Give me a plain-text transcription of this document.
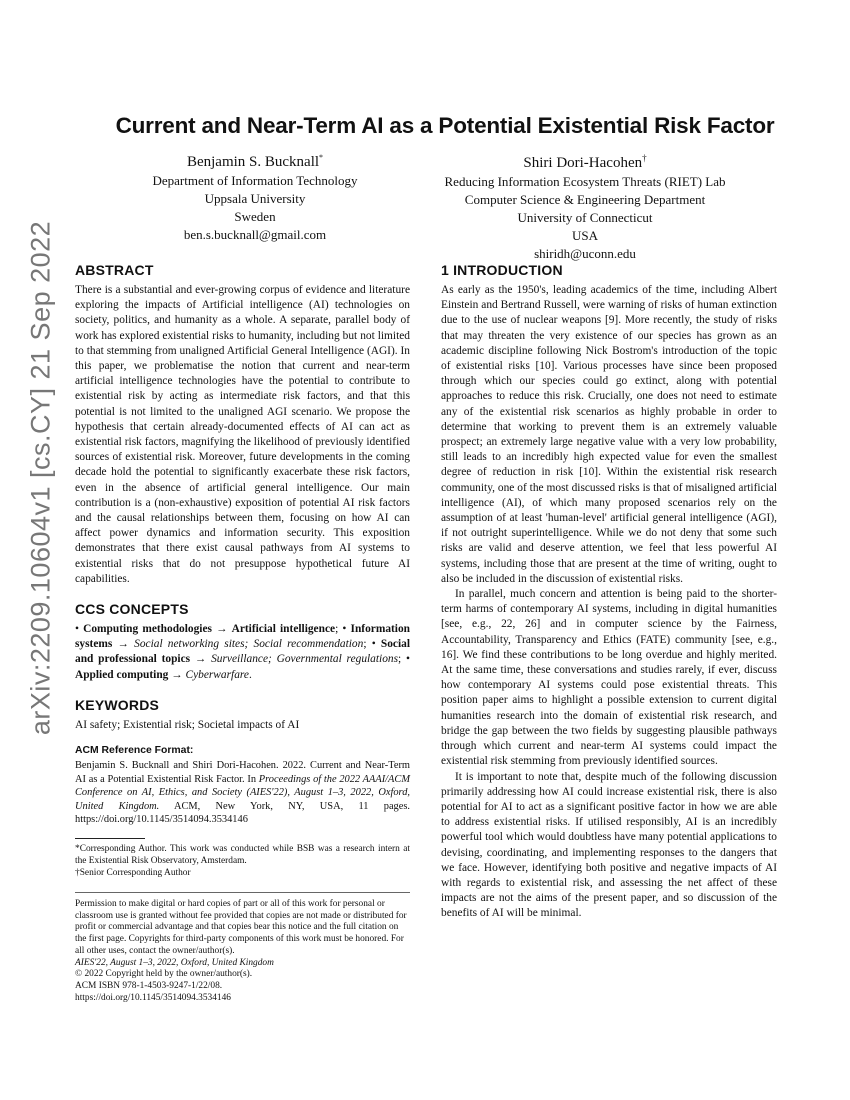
arXiv:2209.10604v1 [cs.CY] 21 Sep 2022
Current and Near-Term AI as a Potential Existential Risk Factor
Benjamin S. Bucknall*
Department of Information Technology
Uppsala University
Sweden
ben.s.bucknall@gmail.com
Shiri Dori-Hacohen†
Reducing Information Ecosystem Threats (RIET) Lab
Computer Science & Engineering Department
University of Connecticut
USA
shiridh@uconn.edu
ABSTRACT

There is a substantial and ever-growing corpus of evidence and literature exploring the impacts of Artificial intelligence (AI) technologies on society, politics, and humanity as a whole. A separate, parallel body of work has explored existential risks to humanity, including but not limited to that stemming from unaligned Artificial General Intelligence (AGI). In this paper, we problematise the notion that current and near-term artificial intelligence technologies have the potential to contribute to existential risk by acting as intermediate risk factors, and that this potential is not limited to the unaligned AGI scenario. We propose the hypothesis that certain already-documented effects of AI can act as existential risk factors, magnifying the likelihood of previously identified sources of existential risk. Moreover, future developments in the coming decade hold the potential to significantly exacerbate these risk factors, even in the absence of artificial general intelligence. Our main contribution is a (non-exhaustive) exposition of potential AI risk factors and the causal relationships between them, focusing on how AI can affect power dynamics and information security. This exposition demonstrates that there exist causal pathways from AI systems to existential risks that do not presuppose hypothetical future AI capabilities.

CCS CONCEPTS

• Computing methodologies → Artificial intelligence; • Information systems → Social networking sites; Social recommendation; • Social and professional topics → Surveillance; Governmental regulations; • Applied computing → Cyberwarfare.

KEYWORDS

AI safety; Existential risk; Societal impacts of AI

ACM Reference Format:

Benjamin S. Bucknall and Shiri Dori-Hacohen. 2022. Current and Near-Term AI as a Potential Existential Risk Factor. In Proceedings of the 2022 AAAI/ACM Conference on AI, Ethics, and Society (AIES'22), August 1–3, 2022, Oxford, United Kingdom. ACM, New York, NY, USA, 11 pages. https://doi.org/10.1145/3514094.3534146

*Corresponding Author. This work was conducted while BSB was a research intern at the Existential Risk Observatory, Amsterdam.

†Senior Corresponding Author

Permission to make digital or hard copies of part or all of this work for personal or classroom use is granted without fee provided that copies are not made or distributed for profit or commercial advantage and that copies bear this notice and the full citation on the first page. Copyrights for third-party components of this work must be honored. For all other uses, contact the owner/author(s).

AIES'22, August 1–3, 2022, Oxford, United Kingdom

© 2022 Copyright held by the owner/author(s).

ACM ISBN 978-1-4503-9247-1/22/08.

https://doi.org/10.1145/3514094.3534146

1 INTRODUCTION

As early as the 1950's, leading academics of the time, including Albert Einstein and Bertrand Russell, were warning of risks of human extinction due to the use of nuclear weapons [9]. More recently, the study of risks that may threaten the very existence of our species has grown as an academic discipline following Nick Bostrom's introduction of the topic of existential risks [10]. Various processes have since been proposed through which our species could go extinct, along with potential approaches to reduce this risk. Crucially, one does not need to estimate any of the existential risk scenarios as highly probable in order to determine that working to prevent them is an extremely valuable prospect; an extremely large negative value with a very low probability, still leads to an incredibly high expected value for even the smallest degree of reduction in risk [10]. Within the existential risk research community, one of the most discussed risks is that of misaligned artificial intelligence (AI), of which many proposed scenarios rely on the assumption of at least 'human-level' artificial general intelligence (AGI), if not outright superintelligence. While we do not deny that some such risks are valid and deserve attention, we feel that less powerful AI systems, including those that are present at the time of writing, ought to also be included in the discussion of existential risks.

In parallel, much concern and attention is being paid to the shorter-term harms of contemporary AI systems, including in digital humanities [see, e.g., 22, 26] and in computer science by the Fairness, Accountability, Transparency and Ethics (FATE) community [see, e.g., 16]. We find these contributions to be long overdue and highly merited. At the same time, these conversations and studies rarely, if ever, discuss how contemporary AI systems could pose existential threats. This position paper aims to highlight a possible extension to current digital humanities research into the domain of existential risk research, and bridge the gap between the two fields by suggesting plausible pathways through which current and near-term AI systems could impact the existential risk stemming from previously identified sources.

It is important to note that, despite much of the following discussion primarily addressing how AI could increase existential risk, there is also potential for AI to act as a significant positive factor in how we are able to address existential risks. If utilised responsibly, AI is an incredibly powerful tool which would doubtless have many potential applications to devising, coordinating, and implementing responses to the dangers that we face. However, identifying both positive and negative impacts of AI with regards to existential risk, and assessing the net affect of these impacts are not the aims of the present paper, and so discussion of the benefits of AI will be minimal.
